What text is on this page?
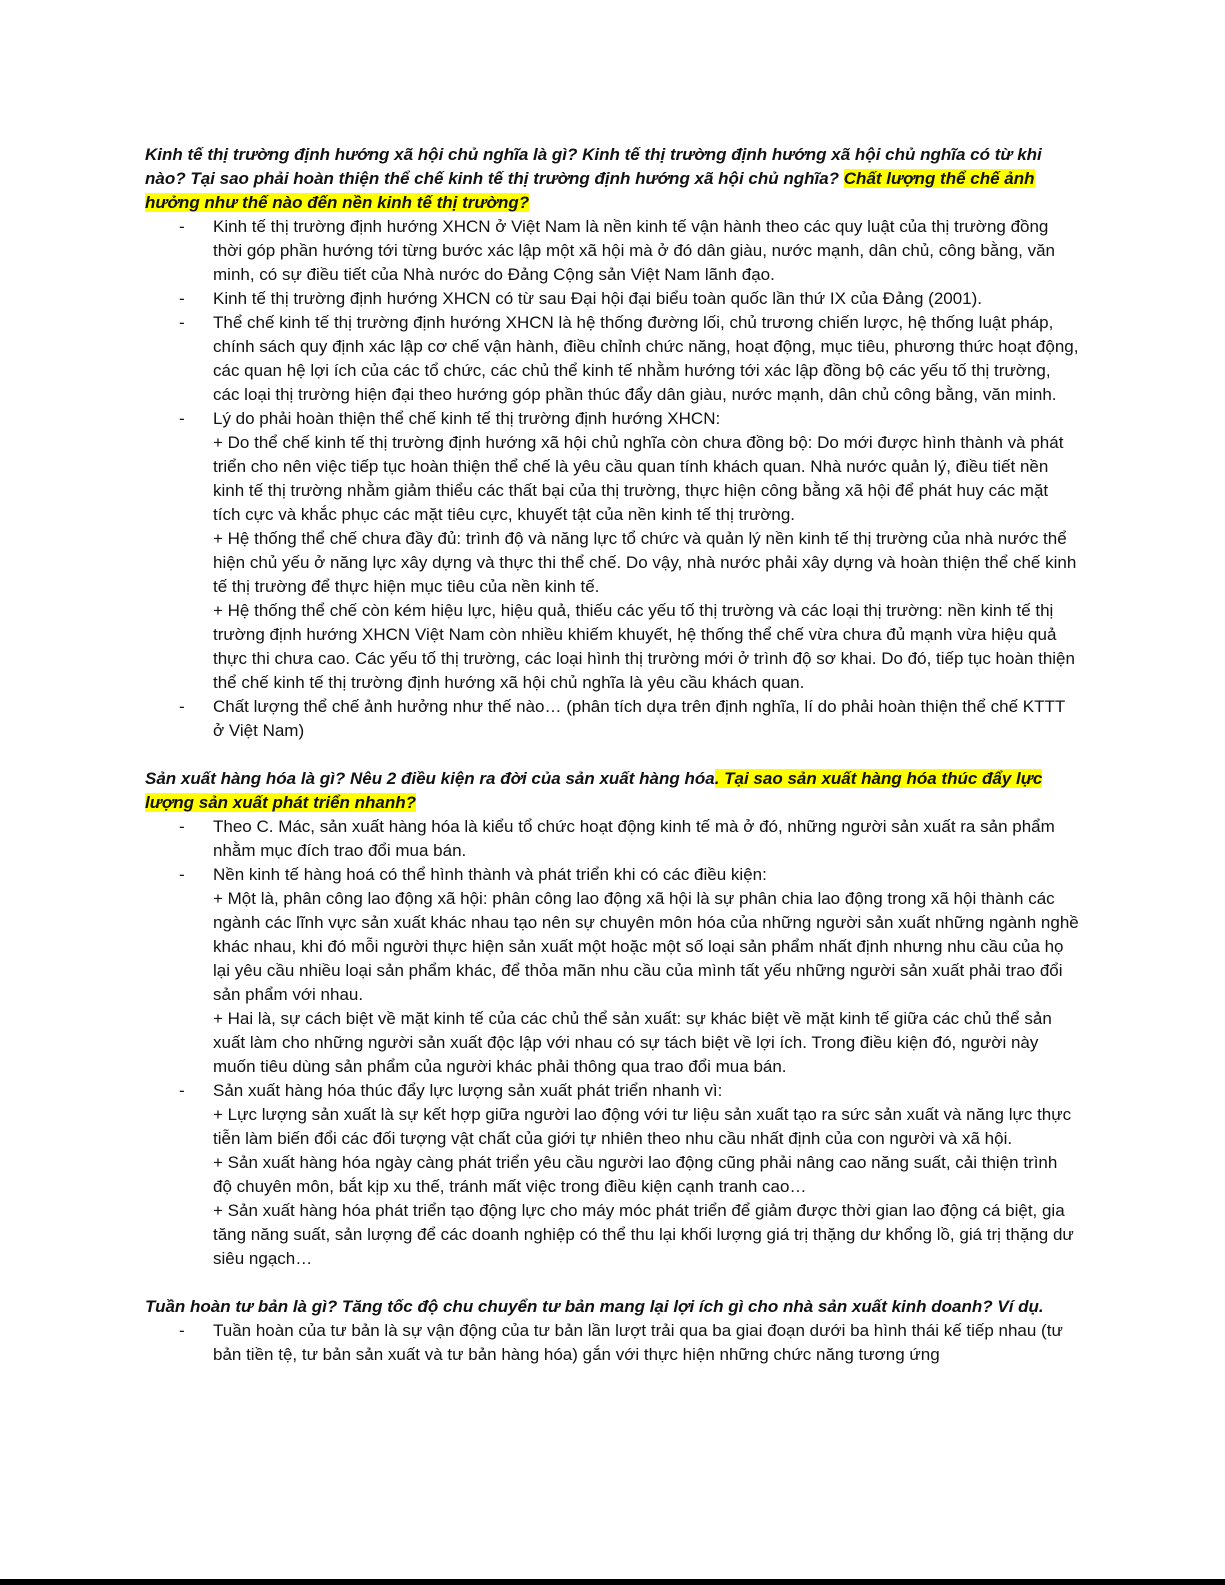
Kinh tế thị trường định hướng xã hội chủ nghĩa là gì? Kinh tế thị trường định hướng xã hội chủ nghĩa có từ khi nào? Tại sao phải hoàn thiện thể chế kinh tế thị trường định hướng xã hội chủ nghĩa? Chất lượng thể chế ảnh hưởng như thế nào đến nền kinh tế thị trường?

- Kinh tế thị trường định hướng XHCN ở Việt Nam là nền kinh tế vận hành theo các quy luật của thị trường đồng thời góp phần hướng tới từng bước xác lập một xã hội mà ở đó dân giàu, nước mạnh, dân chủ, công bằng, văn minh, có sự điều tiết của Nhà nước do Đảng Cộng sản Việt Nam lãnh đạo.
- Kinh tế thị trường định hướng XHCN có từ sau Đại hội đại biểu toàn quốc lần thứ IX của Đảng (2001).
- Thể chế kinh tế thị trường định hướng XHCN là hệ thống đường lối, chủ trương chiến lược, hệ thống luật pháp, chính sách quy định xác lập cơ chế vận hành, điều chỉnh chức năng, hoạt động, mục tiêu, phương thức hoạt động, các quan hệ lợi ích của các tổ chức, các chủ thể kinh tế nhằm hướng tới xác lập đồng bộ các yếu tố thị trường, các loại thị trường hiện đại theo hướng góp phần thúc đẩy dân giàu, nước mạnh, dân chủ công bằng, văn minh.
- Lý do phải hoàn thiện thể chế kinh tế thị trường định hướng XHCN:
+ Do thể chế kinh tế thị trường định hướng xã hội chủ nghĩa còn chưa đồng bộ: Do mới được hình thành và phát triển cho nên việc tiếp tục hoàn thiện thể chế là yêu cầu quan tính khách quan. Nhà nước quản lý, điều tiết nền kinh tế thị trường nhằm giảm thiểu các thất bại của thị trường, thực hiện công bằng xã hội để phát huy các mặt tích cực và khắc phục các mặt tiêu cực, khuyết tật của nền kinh tế thị trường.
+ Hệ thống thể chế chưa đầy đủ: trình độ và năng lực tổ chức và quản lý nền kinh tế thị trường của nhà nước thể hiện chủ yếu ở năng lực xây dựng và thực thi thể chế. Do vậy, nhà nước phải xây dựng và hoàn thiện thể chế kinh tế thị trường để thực hiện mục tiêu của nền kinh tế.
+ Hệ thống thể chế còn kém hiệu lực, hiệu quả, thiếu các yếu tố thị trường và các loại thị trường: nền kinh tế thị trường định hướng XHCN Việt Nam còn nhiều khiếm khuyết, hệ thống thể chế vừa chưa đủ mạnh vừa hiệu quả thực thi chưa cao. Các yếu tố thị trường, các loại hình thị trường mới ở trình độ sơ khai. Do đó, tiếp tục hoàn thiện thể chế kinh tế thị trường định hướng xã hội chủ nghĩa là yêu cầu khách quan.
- Chất lượng thể chế ảnh hưởng như thế nào… (phân tích dựa trên định nghĩa, lí do phải hoàn thiện thể chế KTTT ở Việt Nam)

Sản xuất hàng hóa là gì? Nêu 2 điều kiện ra đời của sản xuất hàng hóa. Tại sao sản xuất hàng hóa thúc đẩy lực lượng sản xuất phát triển nhanh?

- Theo C. Mác, sản xuất hàng hóa là kiểu tổ chức hoạt động kinh tế mà ở đó, những người sản xuất ra sản phẩm nhằm mục đích trao đổi mua bán.
- Nền kinh tế hàng hoá có thể hình thành và phát triển khi có các điều kiện:
+ Một là, phân công lao động xã hội: phân công lao động xã hội là sự phân chia lao động trong xã hội thành các ngành các lĩnh vực sản xuất khác nhau tạo nên sự chuyên môn hóa của những người sản xuất những ngành nghề khác nhau, khi đó mỗi người thực hiện sản xuất một hoặc một số loại sản phẩm nhất định nhưng nhu cầu của họ lại yêu cầu nhiều loại sản phẩm khác, để thỏa mãn nhu cầu của mình tất yếu những người sản xuất phải trao đổi sản phẩm với nhau.
+ Hai là, sự cách biệt về mặt kinh tế của các chủ thể sản xuất: sự khác biệt về mặt kinh tế giữa các chủ thể sản xuất làm cho những người sản xuất độc lập với nhau có sự tách biệt về lợi ích. Trong điều kiện đó, người này muốn tiêu dùng sản phẩm của người khác phải thông qua trao đổi mua bán.
- Sản xuất hàng hóa thúc đẩy lực lượng sản xuất phát triển nhanh vì:
+ Lực lượng sản xuất là sự kết hợp giữa người lao động với tư liệu sản xuất tạo ra sức sản xuất và năng lực thực tiễn làm biến đổi các đối tượng vật chất của giới tự nhiên theo nhu cầu nhất định của con người và xã hội.
+ Sản xuất hàng hóa ngày càng phát triển yêu cầu người lao động cũng phải nâng cao năng suất, cải thiện trình độ chuyên môn, bắt kịp xu thế, tránh mất việc trong điều kiện cạnh tranh cao…
+ Sản xuất hàng hóa phát triển tạo động lực cho máy móc phát triển để giảm được thời gian lao động cá biệt, gia tăng năng suất, sản lượng để các doanh nghiệp có thể thu lại khối lượng giá trị thặng dư khổng lồ, giá trị thặng dư siêu ngạch…

Tuần hoàn tư bản là gì? Tăng tốc độ chu chuyển tư bản mang lại lợi ích gì cho nhà sản xuất kinh doanh? Ví dụ.

- Tuần hoàn của tư bản là sự vận động của tư bản lần lượt trải qua ba giai đoạn dưới ba hình thái kế tiếp nhau (tư bản tiền tệ, tư bản sản xuất và tư bản hàng hóa) gắn với thực hiện những chức năng tương ứng
